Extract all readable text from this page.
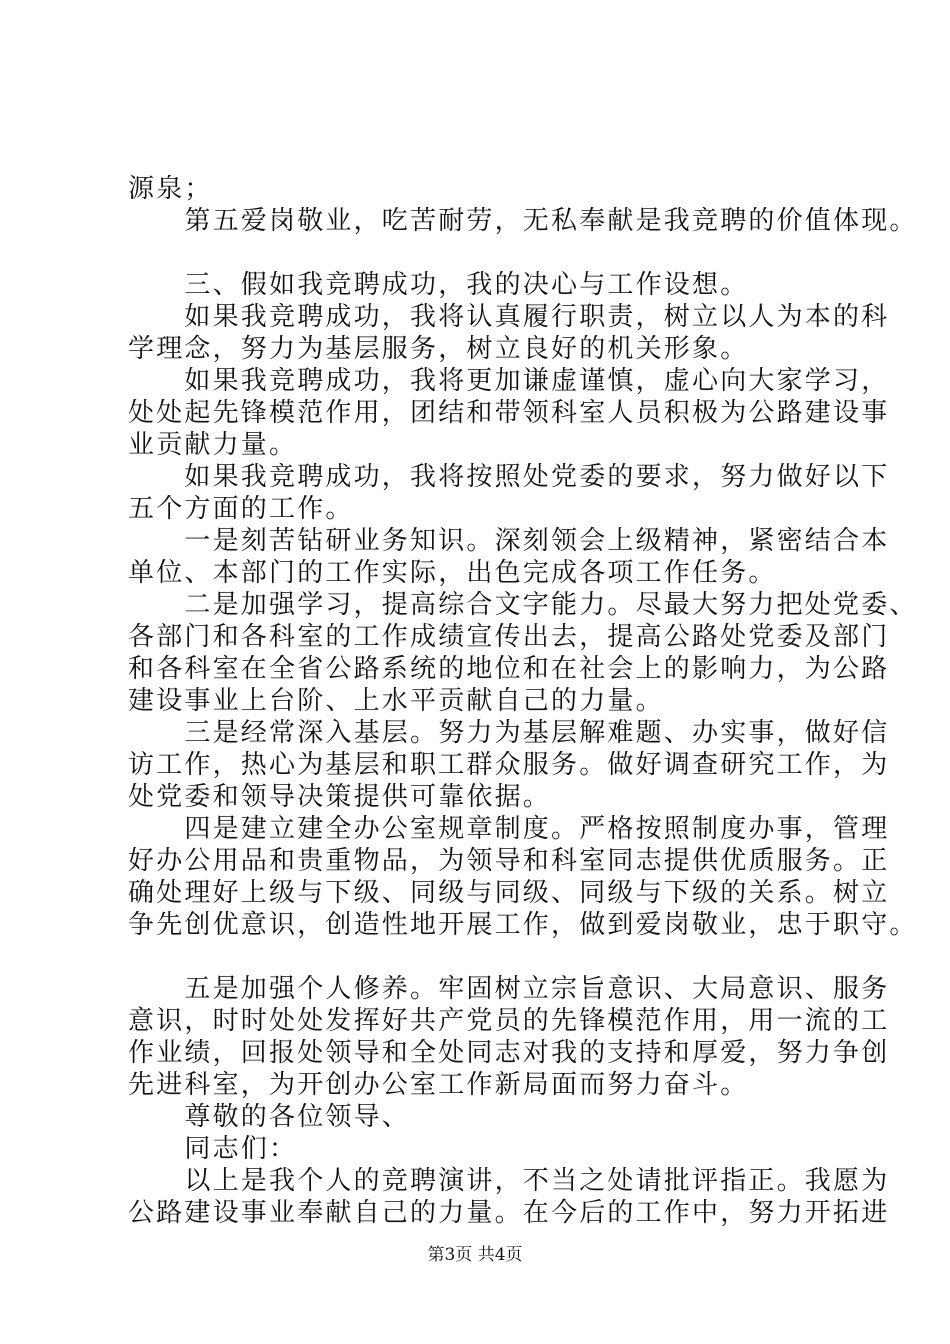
源泉；
　　第五爱岗敬业，吃苦耐劳，无私奉献是我竞聘的价值体现。
　　三、假如我竞聘成功，我的决心与工作设想。
　　如果我竞聘成功，我将认真履行职责，树立以人为本的科
学理念，努力为基层服务，树立良好的机关形象。
　　如果我竞聘成功，我将更加谦虚谨慎，虚心向大家学习，
处处起先锋模范作用，团结和带领科室人员积极为公路建设事
业贡献力量。
　　如果我竞聘成功，我将按照处党委的要求，努力做好以下
五个方面的工作。
　　一是刻苦钻研业务知识。深刻领会上级精神，紧密结合本
单位、本部门的工作实际，出色完成各项工作任务。
　　二是加强学习，提高综合文字能力。尽最大努力把处党委、
各部门和各科室的工作成绩宣传出去，提高公路处党委及部门
和各科室在全省公路系统的地位和在社会上的影响力，为公路
建设事业上台阶、上水平贡献自己的力量。
　　三是经常深入基层。努力为基层解难题、办实事，做好信
访工作，热心为基层和职工群众服务。做好调查研究工作，为
处党委和领导决策提供可靠依据。
　　四是建立建全办公室规章制度。严格按照制度办事，管理
好办公用品和贵重物品，为领导和科室同志提供优质服务。正
确处理好上级与下级、同级与同级、同级与下级的关系。树立
争先创优意识，创造性地开展工作，做到爱岗敬业，忠于职守。
　　五是加强个人修养。牢固树立宗旨意识、大局意识、服务
意识，时时处处发挥好共产党员的先锋模范作用，用一流的工
作业绩，回报处领导和全处同志对我的支持和厚爱，努力争创
先进科室，为开创办公室工作新局面而努力奋斗。
　　尊敬的各位领导、
　　同志们：
　　以上是我个人的竞聘演讲，不当之处请批评指正。我愿为
公路建设事业奉献自己的力量。在今后的工作中，努力开拓进
第3页 共4页
